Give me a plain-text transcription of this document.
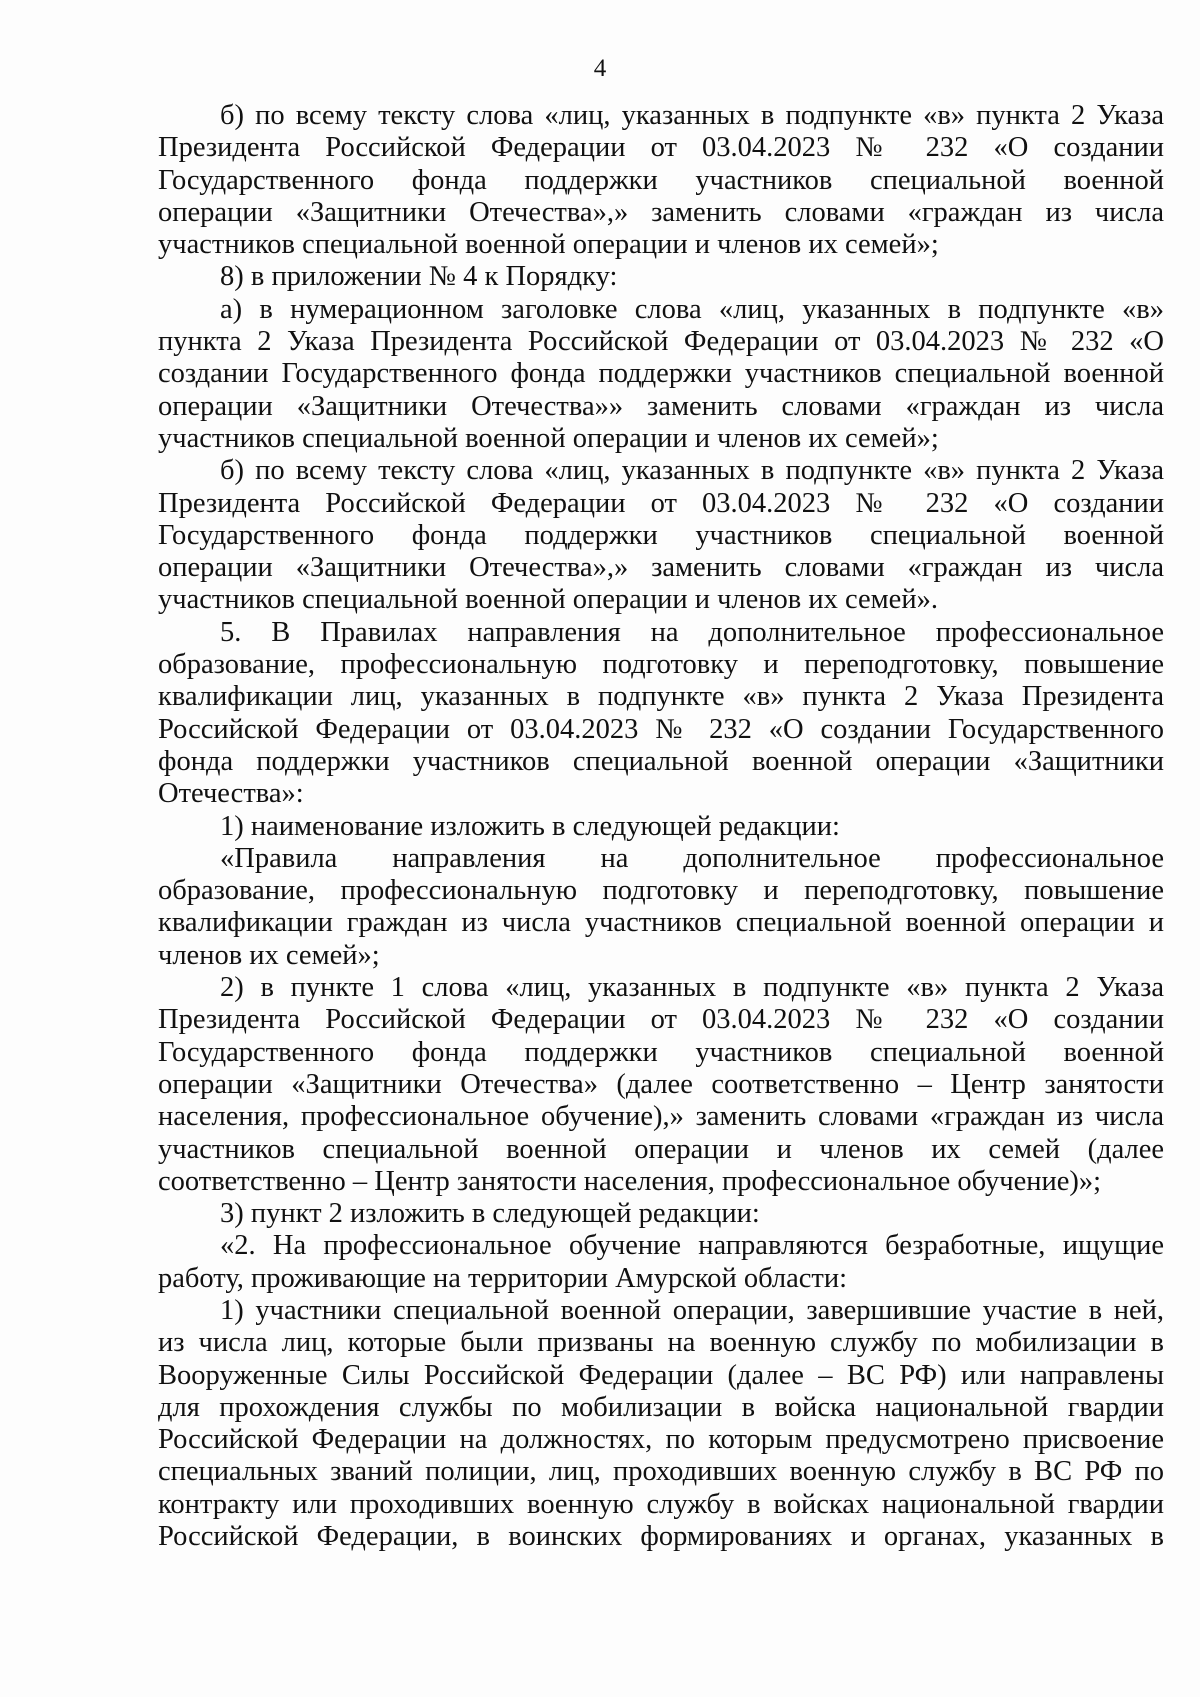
4
б) по всему тексту слова «лиц, указанных в подпункте «в» пункта 2 Указа
Президента Российской Федерации от 03.04.2023 № 232 «О создании
Государственного фонда поддержки участников специальной военной
операции «Защитники Отечества»,» заменить словами «граждан из числа
участников специальной военной операции и членов их семей»;
8) в приложении № 4 к Порядку:
а) в нумерационном заголовке слова «лиц, указанных в подпункте «в»
пункта 2 Указа Президента Российской Федерации от 03.04.2023 № 232 «О
создании Государственного фонда поддержки участников специальной военной
операции «Защитники Отечества»» заменить словами «граждан из числа
участников специальной военной операции и членов их семей»;
б) по всему тексту слова «лиц, указанных в подпункте «в» пункта 2 Указа
Президента Российской Федерации от 03.04.2023 № 232 «О создании
Государственного фонда поддержки участников специальной военной
операции «Защитники Отечества»,» заменить словами «граждан из числа
участников специальной военной операции и членов их семей».
5. В Правилах направления на дополнительное профессиональное
образование, профессиональную подготовку и переподготовку, повышение
квалификации лиц, указанных в подпункте «в» пункта 2 Указа Президента
Российской Федерации от 03.04.2023 № 232 «О создании Государственного
фонда поддержки участников специальной военной операции «Защитники
Отечества»:
1) наименование изложить в следующей редакции:
«Правила направления на дополнительное профессиональное
образование, профессиональную подготовку и переподготовку, повышение
квалификации граждан из числа участников специальной военной операции и
членов их семей»;
2) в пункте 1 слова «лиц, указанных в подпункте «в» пункта 2 Указа
Президента Российской Федерации от 03.04.2023 № 232 «О создании
Государственного фонда поддержки участников специальной военной
операции «Защитники Отечества» (далее соответственно – Центр занятости
населения, профессиональное обучение),» заменить словами «граждан из числа
участников специальной военной операции и членов их семей (далее
соответственно – Центр занятости населения, профессиональное обучение)»;
3) пункт 2 изложить в следующей редакции:
«2. На профессиональное обучение направляются безработные, ищущие
работу, проживающие на территории Амурской области:
1) участники специальной военной операции, завершившие участие в ней,
из числа лиц, которые были призваны на военную службу по мобилизации в
Вооруженные Силы Российской Федерации (далее – ВС РФ) или направлены
для прохождения службы по мобилизации в войска национальной гвардии
Российской Федерации на должностях, по которым предусмотрено присвоение
специальных званий полиции, лиц, проходивших военную службу в ВС РФ по
контракту или проходивших военную службу в войсках национальной гвардии
Российской Федерации, в воинских формированиях и органах, указанных в
